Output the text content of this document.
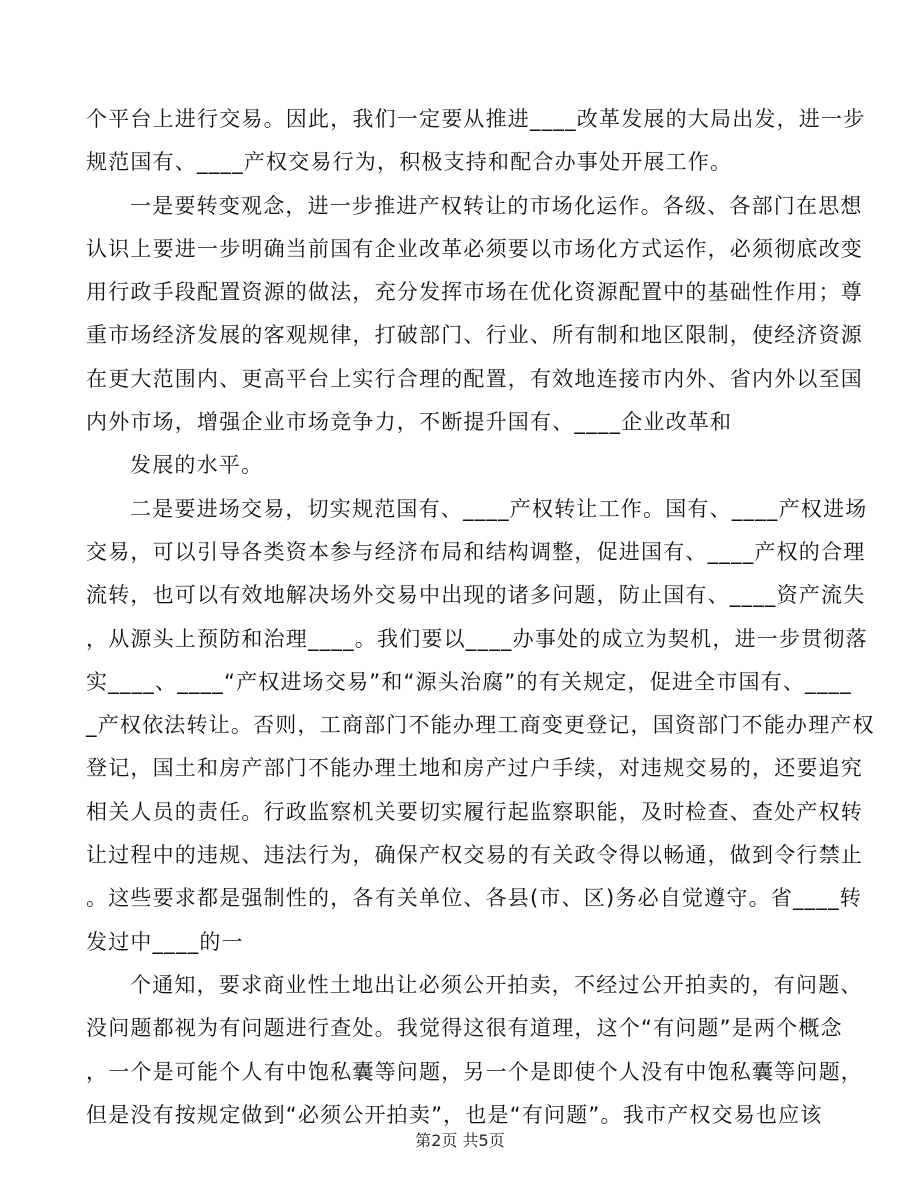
个平台上进行交易。因此，我们一定要从推进____改革发展的大局出发，进一步
规范国有、____产权交易行为，积极支持和配合办事处开展工作。
一是要转变观念，进一步推进产权转让的市场化运作。各级、各部门在思想
认识上要进一步明确当前国有企业改革必须要以市场化方式运作，必须彻底改变
用行政手段配置资源的做法，充分发挥市场在优化资源配置中的基础性作用；尊
重市场经济发展的客观规律，打破部门、行业、所有制和地区限制，使经济资源
在更大范围内、更高平台上实行合理的配置，有效地连接市内外、省内外以至国
内外市场，增强企业市场竞争力，不断提升国有、____企业改革和
发展的水平。
二是要进场交易，切实规范国有、____产权转让工作。国有、____产权进场
交易，可以引导各类资本参与经济布局和结构调整，促进国有、____产权的合理
流转，也可以有效地解决场外交易中出现的诸多问题，防止国有、____资产流失
，从源头上预防和治理____。我们要以____办事处的成立为契机，进一步贯彻落
实____、____“产权进场交易”和“源头治腐”的有关规定，促进全市国有、____
_产权依法转让。否则，工商部门不能办理工商变更登记，国资部门不能办理产权
登记，国土和房产部门不能办理土地和房产过户手续，对违规交易的，还要追究
相关人员的责任。行政监察机关要切实履行起监察职能，及时检查、查处产权转
让过程中的违规、违法行为，确保产权交易的有关政令得以畅通，做到令行禁止
。这些要求都是强制性的，各有关单位、各县(市、区)务必自觉遵守。省____转
发过中____的一
个通知，要求商业性土地出让必须公开拍卖，不经过公开拍卖的，有问题、
没问题都视为有问题进行查处。我觉得这很有道理，这个“有问题”是两个概念
，一个是可能个人有中饱私囊等问题，另一个是即使个人没有中饱私囊等问题，
但是没有按规定做到“必须公开拍卖”，也是“有问题”。我市产权交易也应该
第2页 共5页
